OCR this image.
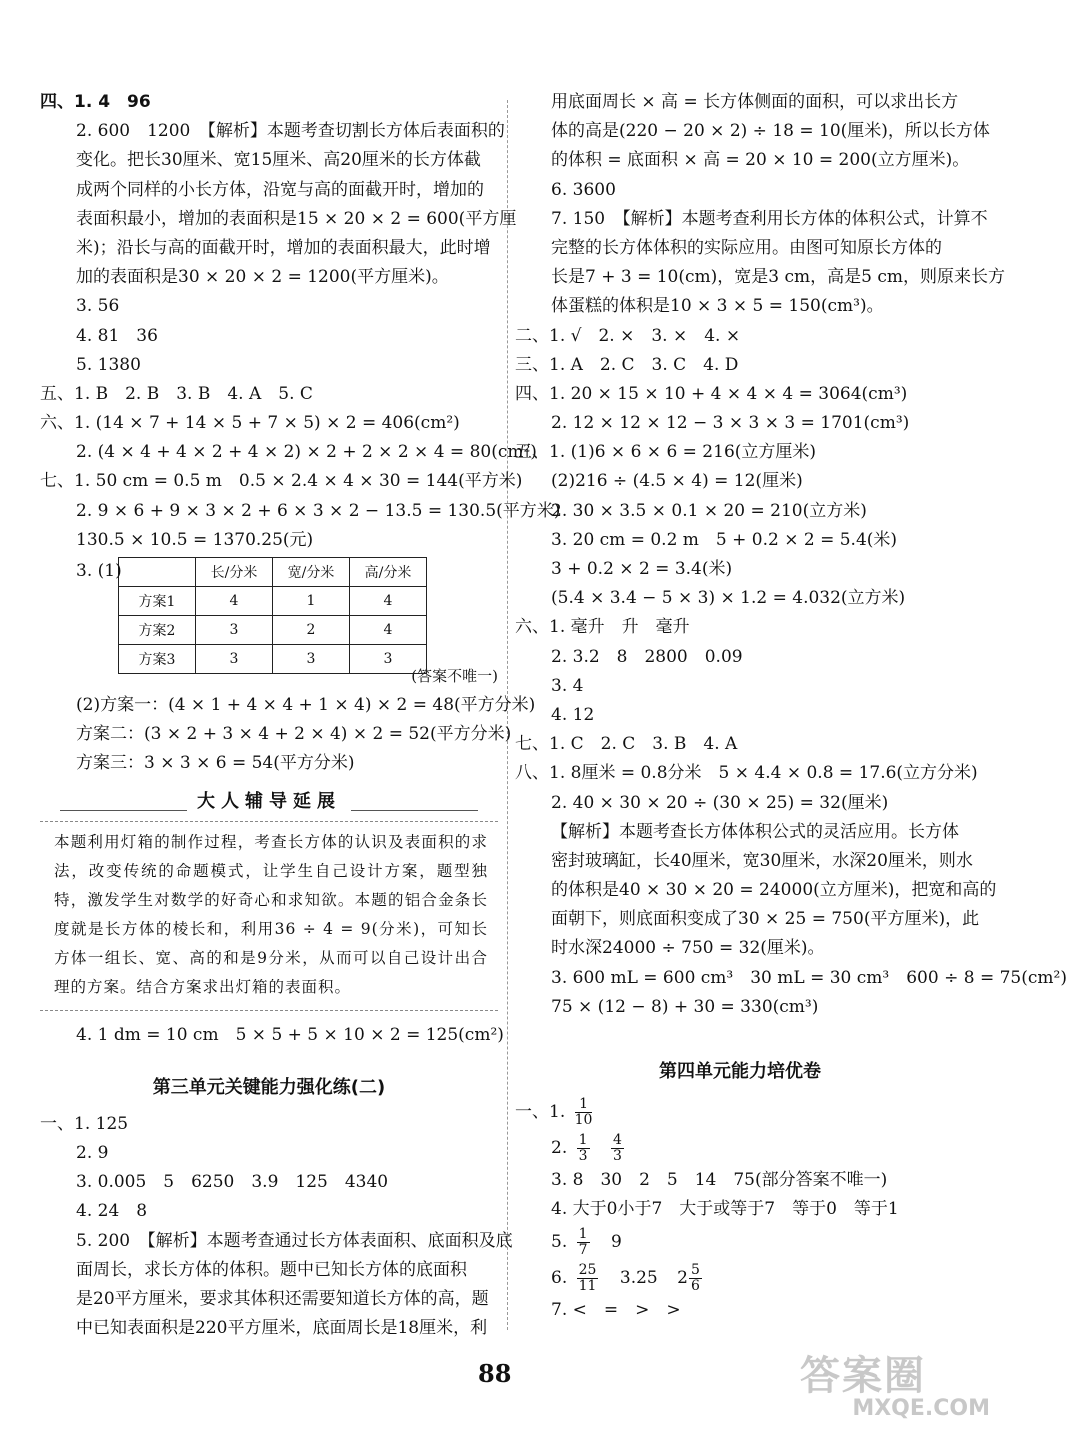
四、1. 4　96
2. 600　1200　【解析】本题考查切割长方体后表面积的
变化。把长30厘米、宽15厘米、高20厘米的长方体截
成两个同样的小长方体，沿宽与高的面截开时，增加的
表面积最小，增加的表面积是15 × 20 × 2 = 600(平方厘
米)；沿长与高的面截开时，增加的表面积最大，此时增
加的表面积是30 × 20 × 2 = 1200(平方厘米)。
3. 56
4. 81　36
5. 1380
五、1. B　2. B　3. B　4. A　5. C
六、1. (14 × 7 + 14 × 5 + 7 × 5) × 2 = 406(cm²)
2. (4 × 4 + 4 × 2 + 4 × 2) × 2 + 2 × 2 × 4 = 80(cm²)
七、1. 50 cm = 0.5 m　0.5 × 2.4 × 4 × 30 = 144(平方米)
2. 9 × 6 + 9 × 3 × 2 + 6 × 3 × 2 − 13.5 = 130.5(平方米)
130.5 × 10.5 = 1370.25(元)
3. (1)
		长/分米	宽/分米	高/分米
方案1	4	1	4
方案2	3	2	4
方案3	3	3	3
(答案不唯一)
(2)方案一：(4 × 1 + 4 × 4 + 1 × 4) × 2 = 48(平方分米)
方案二：(3 × 2 + 3 × 4 + 2 × 4) × 2 = 52(平方分米)
方案三：3 × 3 × 6 = 54(平方分米)
大人辅导延展
本题利用灯箱的制作过程，考查长方体的认识及表面积的求法，改变传统的命题模式，让学生自己设计方案，题型独特，激发学生对数学的好奇心和求知欲。本题的铝合金条长度就是长方体的棱长和，利用36 ÷ 4 = 9(分米)，可知长方体一组长、宽、高的和是9分米，从而可以自己设计出合理的方案。结合方案求出灯箱的表面积。
4. 1 dm = 10 cm　5 × 5 + 5 × 10 × 2 = 125(cm²)
第三单元关键能力强化练(二)
一、1. 125
2. 9
3. 0.005　5　6250　3.9　125　4340
4. 24　8
5. 200　【解析】本题考查通过长方体表面积、底面积及底
面周长，求长方体的体积。题中已知长方体的底面积
是20平方厘米，要求其体积还需要知道长方体的高，题
中已知表面积是220平方厘米，底面周长是18厘米，利
用底面周长 × 高 = 长方体侧面的面积，可以求出长方
体的高是(220 − 20 × 2) ÷ 18 = 10(厘米)，所以长方体
的体积 = 底面积 × 高 = 20 × 10 = 200(立方厘米)。
6. 3600
7. 150　【解析】本题考查利用长方体的体积公式，计算不
完整的长方体体积的实际应用。由图可知原长方体的
长是7 + 3 = 10(cm)，宽是3 cm，高是5 cm，则原来长方
体蛋糕的体积是10 × 3 × 5 = 150(cm³)。
二、1. √　2. ×　3. ×　4. ×
三、1. A　2. C　3. C　4. D
四、1. 20 × 15 × 10 + 4 × 4 × 4 = 3064(cm³)
2. 12 × 12 × 12 − 3 × 3 × 3 = 1701(cm³)
五、1. (1)6 × 6 × 6 = 216(立方厘米)
(2)216 ÷ (4.5 × 4) = 12(厘米)
2. 30 × 3.5 × 0.1 × 20 = 210(立方米)
3. 20 cm = 0.2 m　5 + 0.2 × 2 = 5.4(米)
3 + 0.2 × 2 = 3.4(米)
(5.4 × 3.4 − 5 × 3) × 1.2 = 4.032(立方米)
六、1. 毫升　升　毫升
2. 3.2　8　2800　0.09
3. 4
4. 12
七、1. C　2. C　3. B　4. A
八、1. 8厘米 = 0.8分米　5 × 4.4 × 0.8 = 17.6(立方分米)
2. 40 × 30 × 20 ÷ (30 × 25) = 32(厘米)
【解析】本题考查长方体体积公式的灵活应用。长方体
密封玻璃缸，长40厘米，宽30厘米，水深20厘米，则水
的体积是40 × 30 × 20 = 24000(立方厘米)，把宽和高的
面朝下，则底面积变成了30 × 25 = 750(平方厘米)，此
时水深24000 ÷ 750 = 32(厘米)。
3. 600 mL = 600 cm³　30 mL = 30 cm³　600 ÷ 8 = 75(cm²)
75 × (12 − 8) + 30 = 330(cm³)
第四单元能力培优卷
一、1. $\frac{1}{10}$
2. $\frac{1}{3}$
$\frac{4}{3}$
3. 8　30　2　5　14　75(部分答案不唯一)
4. 大于0小于7　大于或等于7　等于0　等于1
5. $\frac{1}{7} 9$
6. $\frac{25}{11} 3.25$ $2 \frac{5}{6}$
7. <　=　>　>
88	答案圈
MXQE.COM
